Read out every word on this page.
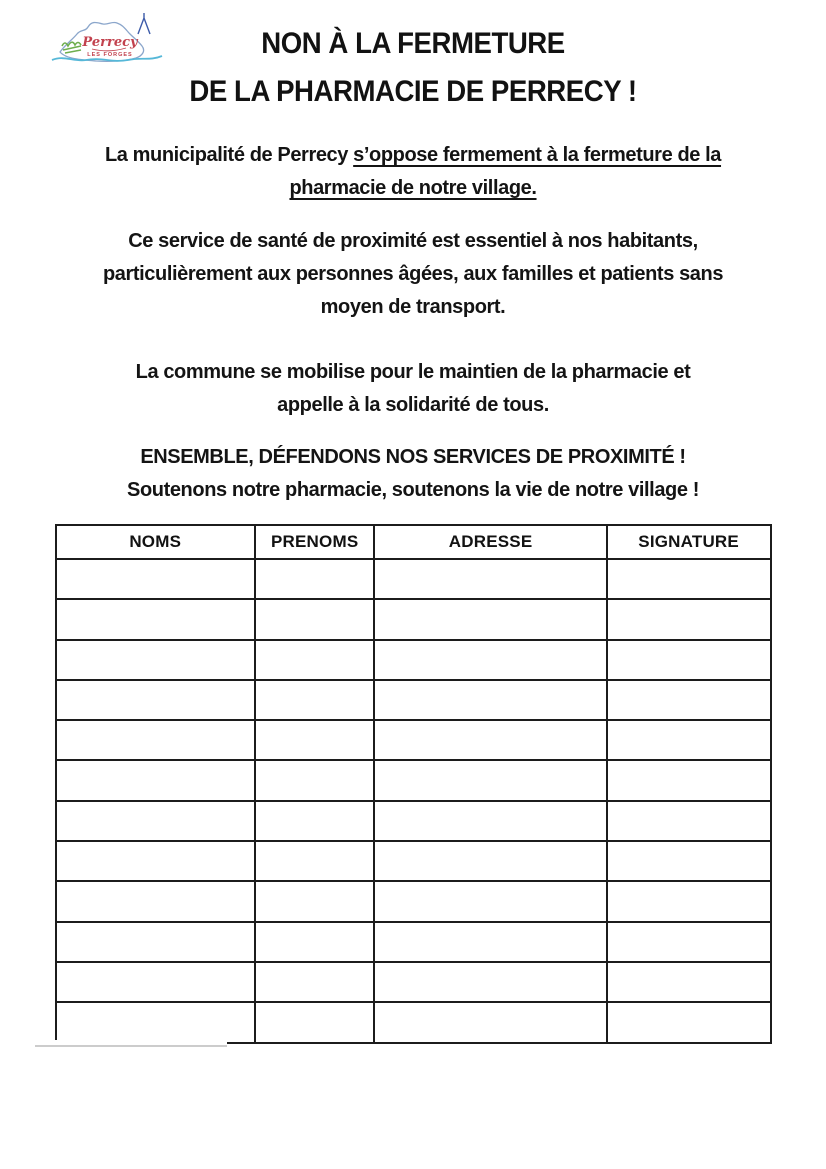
Perrecy
LES FORGES	NON À LA FERMETURE
DE LA PHARMACIE DE PERRECY !
La municipalité de Perrecy s’oppose fermement à la fermeture de la
pharmacie de notre village.
Ce service de santé de proximité est essentiel à nos habitants,
particulièrement aux personnes âgées, aux familles et patients sans
moyen de transport.
La commune se mobilise pour le maintien de la pharmacie et
appelle à la solidarité de tous.
ENSEMBLE, DÉFENDONS NOS SERVICES DE PROXIMITÉ !
Soutenons notre pharmacie, soutenons la vie de notre village !
NOMS	PRENOMS	ADRESSE	SIGNATURE
